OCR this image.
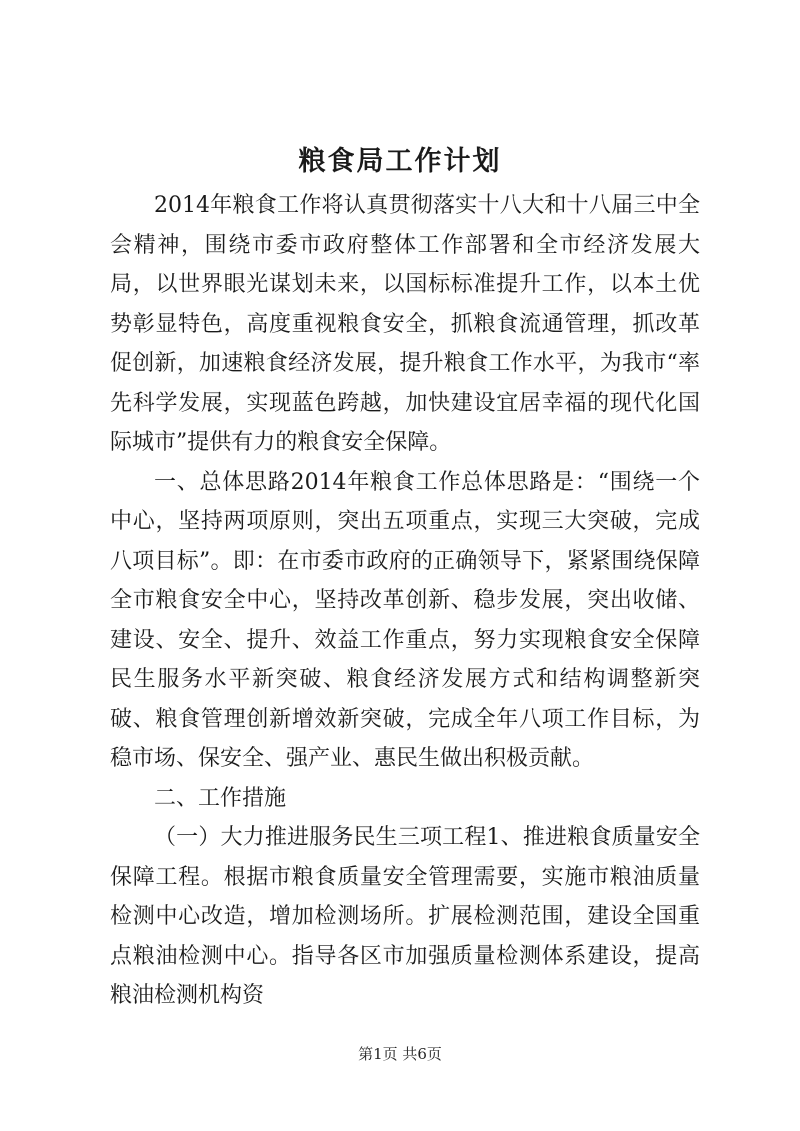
粮食局工作计划

2014年粮食工作将认真贯彻落实十八大和十八届三中全会精神，围绕市委市政府整体工作部署和全市经济发展大局，以世界眼光谋划未来，以国标标准提升工作，以本土优势彰显特色，高度重视粮食安全，抓粮食流通管理，抓改革促创新，加速粮食经济发展，提升粮食工作水平，为我市“率先科学发展，实现蓝色跨越，加快建设宜居幸福的现代化国际城市”提供有力的粮食安全保障。

一、总体思路2014年粮食工作总体思路是：“围绕一个中心，坚持两项原则，突出五项重点，实现三大突破，完成八项目标”。即：在市委市政府的正确领导下，紧紧围绕保障全市粮食安全中心，坚持改革创新、稳步发展，突出收储、建设、安全、提升、效益工作重点，努力实现粮食安全保障民生服务水平新突破、粮食经济发展方式和结构调整新突破、粮食管理创新增效新突破，完成全年八项工作目标，为稳市场、保安全、强产业、惠民生做出积极贡献。

二、工作措施

（一）大力推进服务民生三项工程1、推进粮食质量安全保障工程。根据市粮食质量安全管理需要，实施市粮油质量检测中心改造，增加检测场所。扩展检测范围，建设全国重点粮油检测中心。指导各区市加强质量检测体系建设，提高粮油检测机构资

第1页 共6页
